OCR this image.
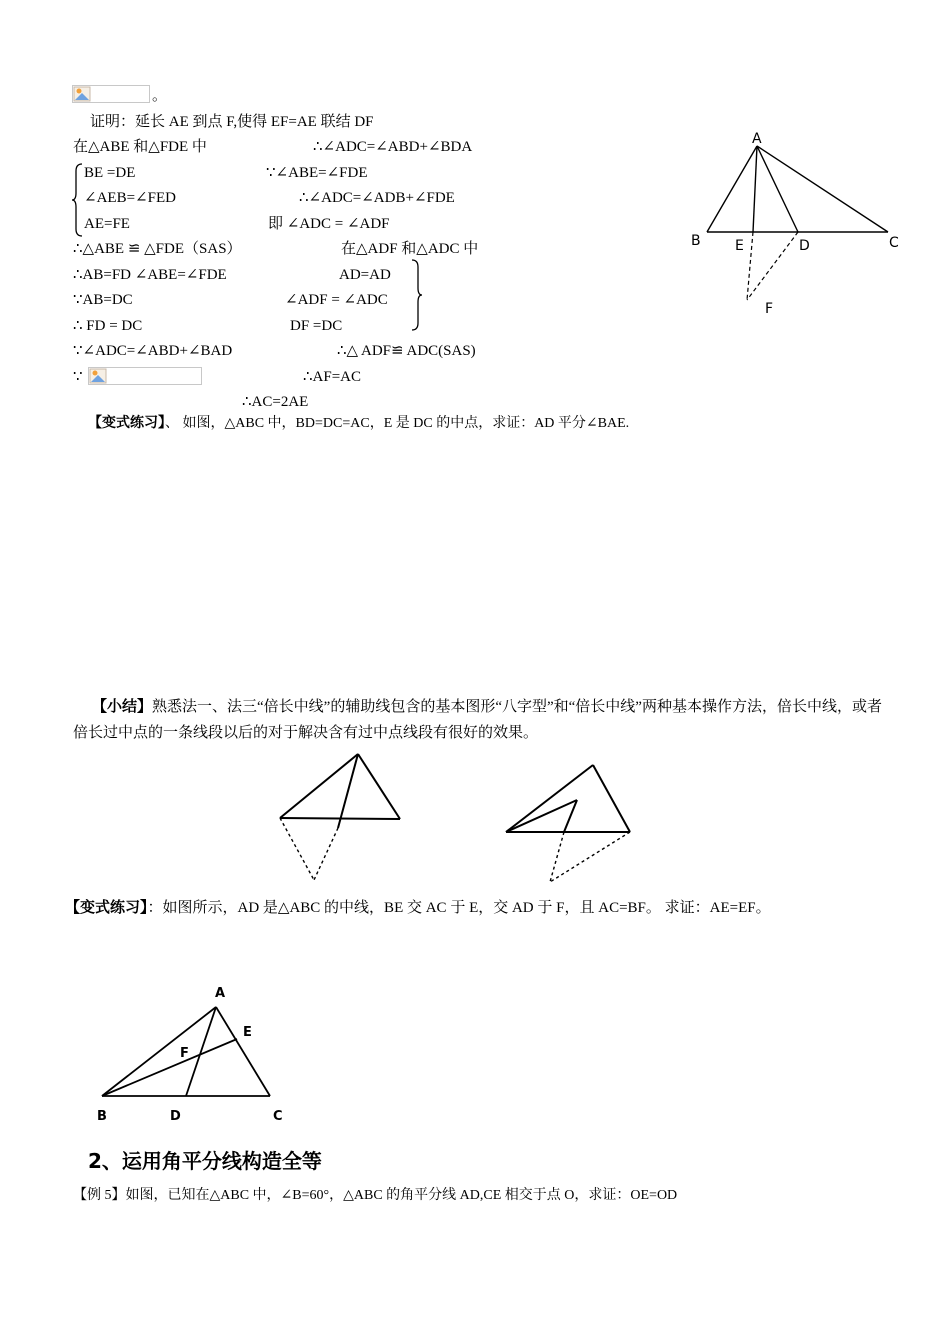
。
证明：延长 AE 到点 F,使得 EF=AE 联结 DF
在△ABE 和△FDE 中
BE =DE
∠AEB=∠FED
AE=FE
∴△ABE ≌ △FDE（SAS）
∴AB=FD ∠ABE=∠FDE
∵AB=DC
∴ FD = DC
∵∠ADC=∠ABD+∠BAD
∵
∴∠ADC=∠ABD+∠BDA
∵∠ABE=∠FDE
∴∠ADC=∠ADB+∠FDE
即 ∠ADC = ∠ADF
在△ADF 和△ADC 中
AD=AD
∠ADF = ∠ADC
DF =DC
∴△ ADF≌ ADC(SAS)
∴AF=AC
∴AC=2AE
A
B E	D	C
F
【变式练习】、 如图，△ABC 中，BD=DC=AC，E 是 DC 的中点，求证：AD 平分∠BAE.
【小结】熟悉法一、法三“倍长中线”的辅助线包含的基本图形“八字型”和“倍长中线”两种基本操作方法，倍长中线，或者倍长过中点的一条线段以后的对于解决含有过中点线段有很好的效果。
【变式练习】：如图所示，AD 是△ABC 的中线，BE 交 AC 于 E，交 AD 于 F，且 AC=BF。 求证：AE=EF。
A
E
F
B	D	C
2、运用角平分线构造全等
【例 5】如图，已知在△ABC 中，∠B=60°，△ABC 的角平分线 AD,CE 相交于点 O，求证：OE=OD
